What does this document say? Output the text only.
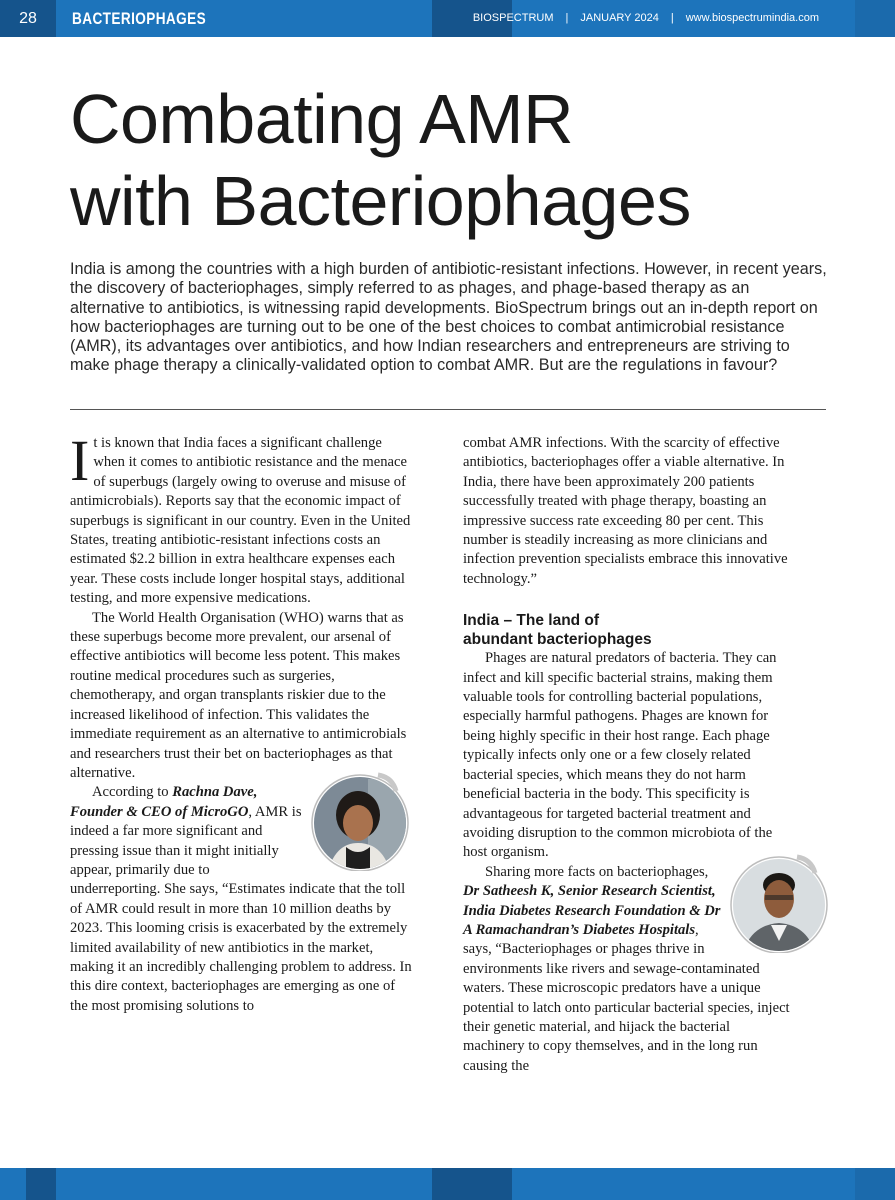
28	BACTERIOPHAGES	BIOSPECTRUM | JANUARY 2024 | www.biospectrumindia.com
Combating AMR
with Bacteriophages

India is among the countries with a high burden of antibiotic-resistant infections. However, in recent years, the discovery of bacteriophages, simply referred to as phages, and phage-based therapy as an alternative to antibiotics, is witnessing rapid developments. BioSpectrum brings out an in-depth report on how bacteriophages are turning out to be one of the best choices to combat antimicrobial resistance (AMR), its advantages over antibiotics, and how Indian researchers and entrepreneurs are striving to make phage therapy a clinically-validated option to combat AMR. But are the regulations in favour?

It is known that India faces a significant challenge when it comes to antibiotic resistance and the menace of superbugs (largely owing to overuse and misuse of antimicrobials). Reports say that the economic impact of superbugs is significant in our country. Even in the United States, treating antibiotic-resistant infections costs an estimated $2.2 billion in extra healthcare expenses each year. These costs include longer hospital stays, additional testing, and more expensive medications.

The World Health Organisation (WHO) warns that as these superbugs become more prevalent, our arsenal of effective antibiotics will become less potent. This makes routine medical procedures such as surgeries, chemotherapy, and organ transplants riskier due to the increased likelihood of infection. This validates the immediate requirement as an alternative to antimicrobials and researchers trust their bet on bacteriophages as that alternative.

According to Rachna Dave, Founder & CEO of MicroGO, AMR is indeed a far more significant and pressing issue than it might initially appear, primarily due to underreporting. She says, “Estimates indicate that the toll of AMR could result in more than 10 million deaths by 2023. This looming crisis is exacerbated by the extremely limited availability of new antibiotics in the market, making it an incredibly challenging problem to address. In this dire context, bacteriophages are emerging as one of the most promising solutions to

combat AMR infections. With the scarcity of effective antibiotics, bacteriophages offer a viable alternative. In India, there have been approximately 200 patients successfully treated with phage therapy, boasting an impressive success rate exceeding 80 per cent. This number is steadily increasing as more clinicians and infection prevention specialists embrace this innovative technology.”

India – The land of
abundant bacteriophages

Phages are natural predators of bacteria. They can infect and kill specific bacterial strains, making them valuable tools for controlling bacterial populations, especially harmful pathogens. Phages are known for being highly specific in their host range. Each phage typically infects only one or a few closely related bacterial species, which means they do not harm beneficial bacteria in the body. This specificity is advantageous for targeted bacterial treatment and avoiding disruption to the common microbiota of the host organism.

Sharing more facts on bacteriophages, Dr Satheesh K, Senior Research Scientist, India Diabetes Research Foundation & Dr A Ramachandran’s Diabetes Hospitals, says, “Bacteriophages or phages thrive in environments like rivers and sewage-contaminated waters. These microscopic predators have a unique potential to latch onto particular bacterial species, inject their genetic material, and hijack the bacterial machinery to copy themselves, and in the long run causing the
